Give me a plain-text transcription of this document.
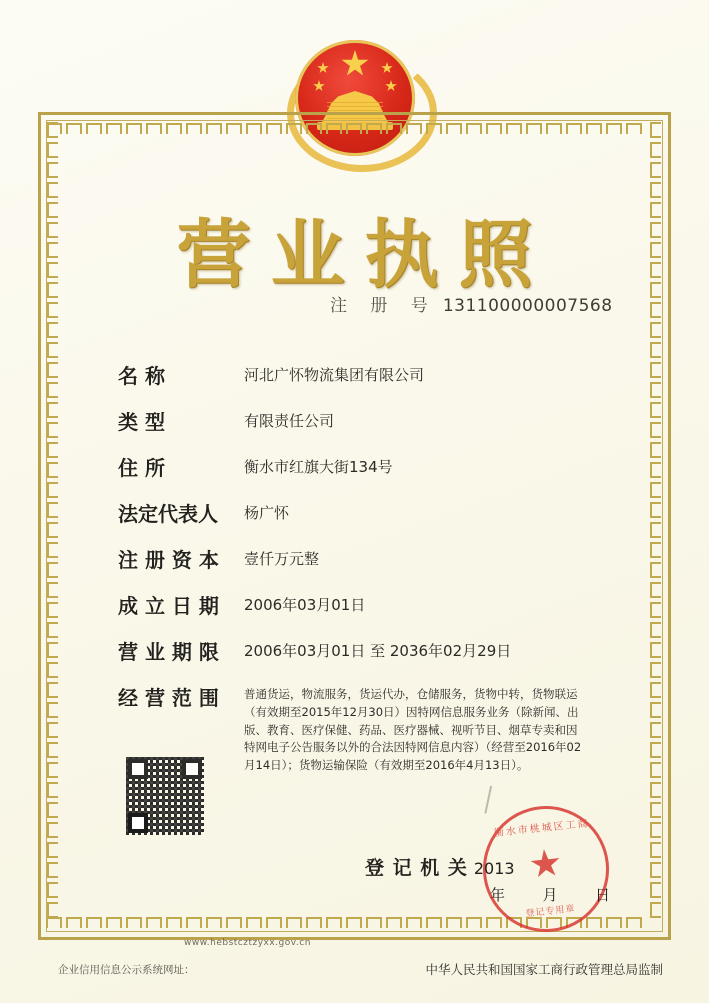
营业执照
注 册 号 131100000007568
名 称	河北广怀物流集团有限公司
类 型	有限责任公司
住 所	衡水市红旗大街134号
法定代表人	杨广怀
注 册 资 本	壹仟万元整
成 立 日 期	2006年03月01日
营 业 期 限	2006年03月01日 至 2036年02月29日
经 营 范 围	普通货运，物流服务，货运代办，仓储服务，货物中转，货物联运（有效期至2015年12月30日）因特网信息服务业务（除新闻、出版、教育、医疗保健、药品、医疗器械、视听节目、烟草专卖和因特网电子公告服务以外的合法因特网信息内容）（经营至2016年02月14日）；货物运输保险（有效期至2016年4月13日）。
衡水市桃城区工商
登记专用章
登 记 机 关 2013
年 月 日
www.hebstcztzyxx.gov.cn
企业信用信息公示系统网址：	中华人民共和国国家工商行政管理总局监制
